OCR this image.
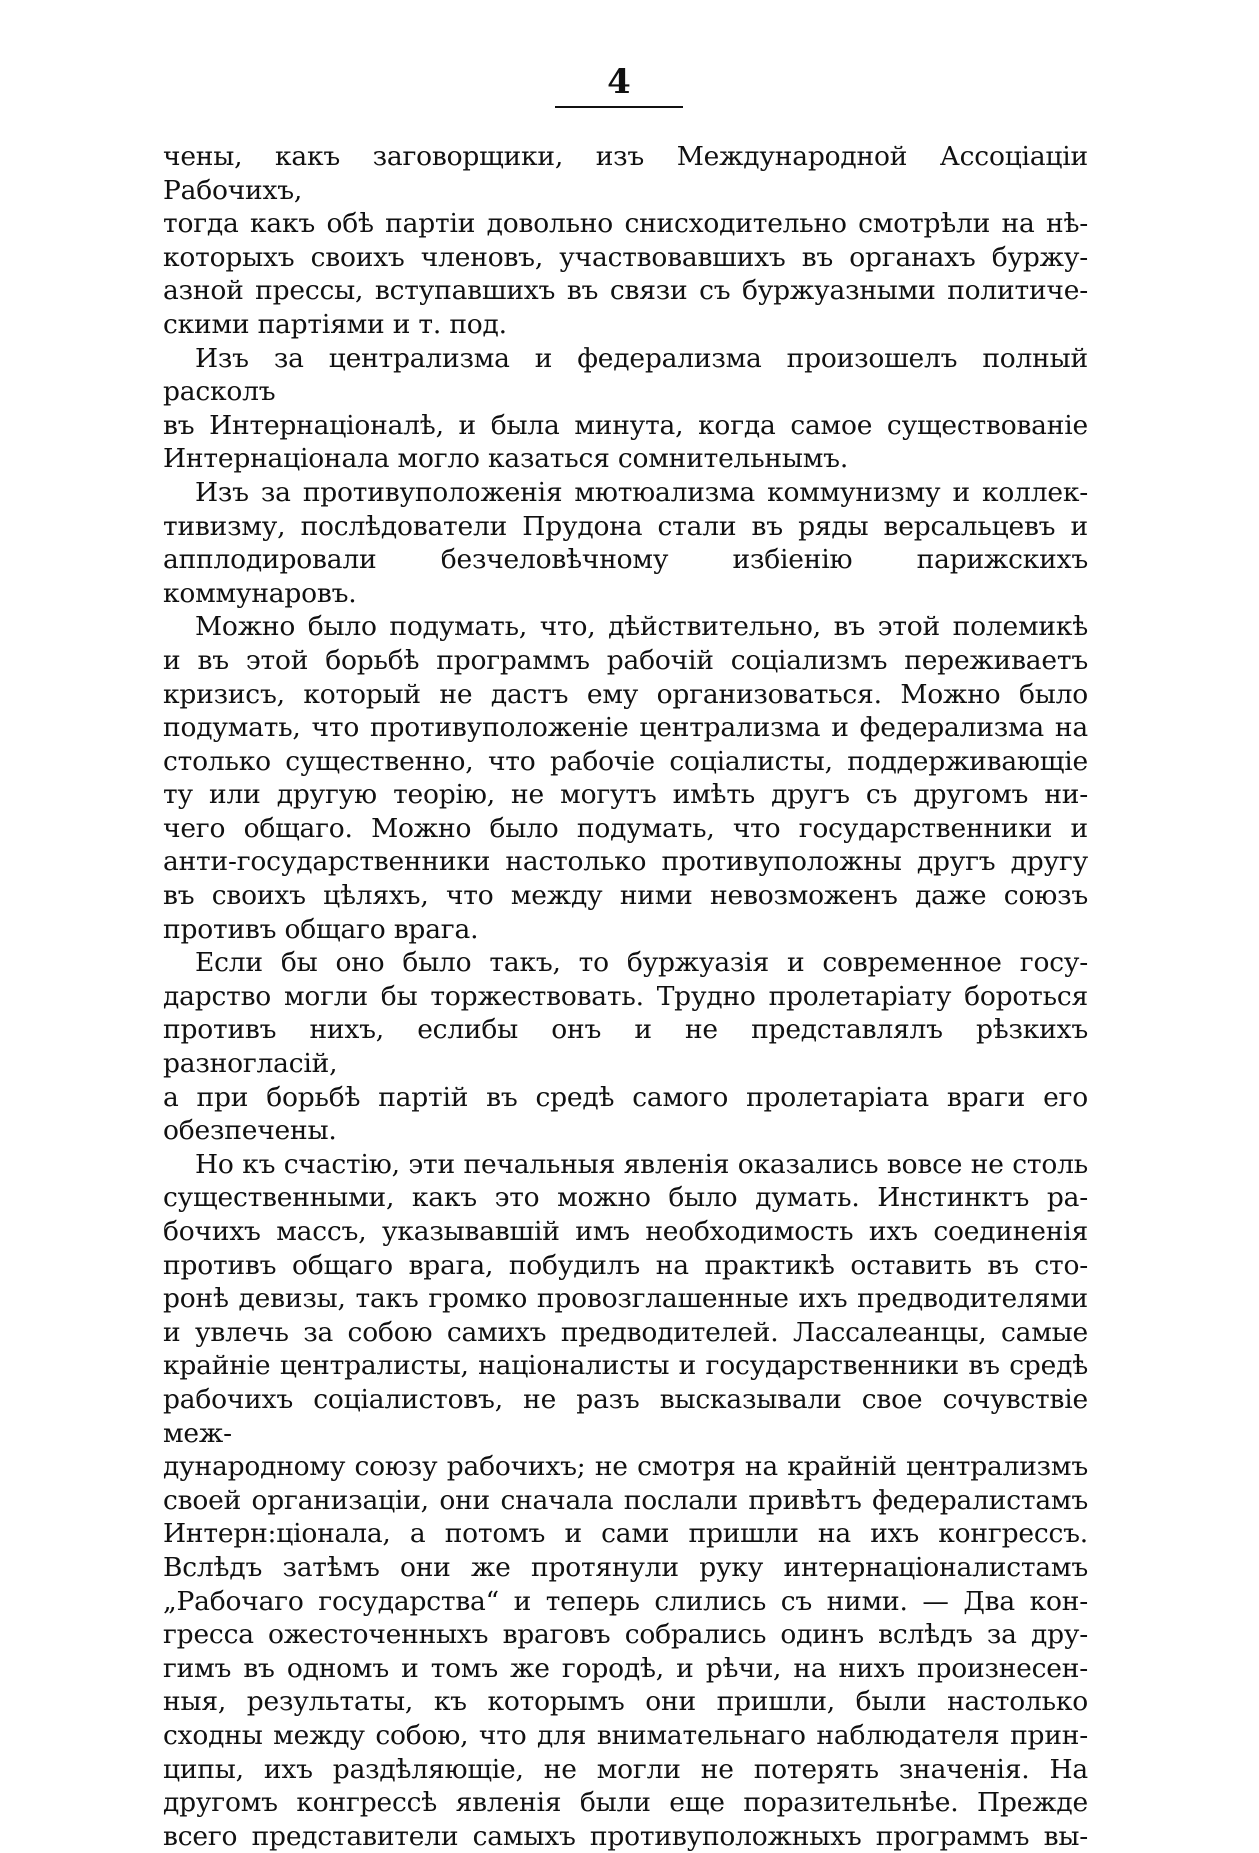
4

чены, какъ заговорщики, изъ Международной Ассоціаціи Рабочихъ,

тогда какъ обѣ партіи довольно снисходительно смотрѣли на нѣ-

которыхъ своихъ членовъ, участвовавшихъ въ органахъ буржу-

азной прессы, вступавшихъ въ связи съ буржуазными политиче-

скими партіями и т. под.

Изъ за централизма и федерализма произошелъ полный расколъ

въ Интернаціоналѣ, и была минута, когда самое существованіе

Интернаціонала могло казаться сомнительнымъ.

Изъ за противуположенія мютюализма коммунизму и коллек-

тивизму, послѣдователи Прудона стали въ ряды версальцевъ и

апплодировали безчеловѣчному избіенію парижскихъ коммунаровъ.

Можно было подумать, что, дѣйствительно, въ этой полемикѣ

и въ этой борьбѣ программъ рабочій соціализмъ переживаетъ

кризисъ, который не дастъ ему организоваться. Можно было

подумать, что противуположеніе централизма и федерализма на

столько существенно, что рабочіе соціалисты, поддерживающіе

ту или другую теорію, не могутъ имѣть другъ съ другомъ ни-

чего общаго. Можно было подумать, что государственники и

анти-государственники настолько противуположны другъ другу

въ своихъ цѣляхъ, что между ними невозможенъ даже союзъ

противъ общаго врага.

Если бы оно было такъ, то буржуазія и современное госу-

дарство могли бы торжествовать. Трудно пролетаріату бороться

противъ нихъ, еслибы онъ и не представлялъ рѣзкихъ разногласій,

а при борьбѣ партій въ средѣ самого пролетаріата враги его

обезпечены.

Но къ счастію, эти печальныя явленія оказались вовсе не столь

существенными, какъ это можно было думать. Инстинктъ ра-

бочихъ массъ, указывавшій имъ необходимость ихъ соединенія

противъ общаго врага, побудилъ на практикѣ оставить въ сто-

ронѣ девизы, такъ громко провозглашенные ихъ предводителями

и увлечь за собою самихъ предводителей. Лассалеанцы, самые

крайніе централисты, націоналисты и государственники въ средѣ

рабочихъ соціалистовъ, не разъ высказывали свое сочувствіе меж-

дународному союзу рабочихъ; не смотря на крайній централизмъ

своей организаціи, они сначала послали привѣтъ федералистамъ

Интерн:ціонала, а потомъ и сами пришли на ихъ конгрессъ.

Вслѣдъ затѣмъ они же протянули руку интернаціоналистамъ

„Рабочаго государства“ и теперь слились съ ними. — Два кон-

гресса ожесточенныхъ враговъ собрались одинъ вслѣдъ за дру-

гимъ въ одномъ и томъ же городѣ, и рѣчи, на нихъ произнесен-

ныя, результаты, къ которымъ они пришли, были настолько

сходны между собою, что для внимательнаго наблюдателя прин-

ципы, ихъ раздѣляющіе, не могли не потерять значенія. На

другомъ конгрессѣ явленія были еще поразительнѣе. Прежде

всего представители самыхъ противуположныхъ программъ вы-
